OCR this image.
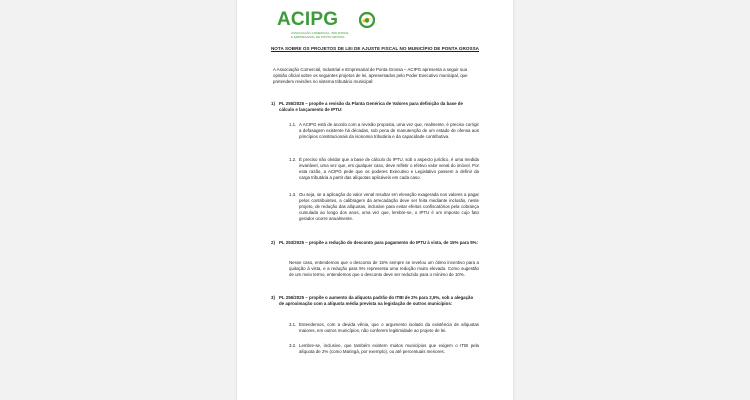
ACIPG
ASSOCIAÇÃO COMERCIAL, INDUSTRIAL
E EMPRESARIAL DE PONTA GROSSA
NOTA SOBRE OS PROJETOS DE LEI DE AJUSTE FISCAL NO MUNICÍPIO DE PONTA GROSSA
A Associação Comercial, Industrial e Empresarial de Ponta Grossa – ACIPG apresenta a seguir sua opinião oficial sobre os seguintes projetos de lei, apresentados pelo Poder Executivo municipal, que pretendem revisões no sistema tributário municipal:
1) PL 255/2025 – propõe a revisão da Planta Genérica de Valores para definição da base de cálculo e lançamento de IPTU:
1.1. A ACIPG está de acordo com a revisão proposta, uma vez que, realmente, é preciso corrigir a defasagem existente há décadas, sob pena de manutenção de um estado de ofensa aos princípios constitucionais da isonomia tributária e da capacidade contributiva.
1.2. É preciso não olvidar que a base de cálculo do IPTU, sob o aspecto jurídico, é uma medida invariável, uma vez que, em qualquer caso, deve refletir o efetivo valor venal do imóvel. Por esta razão, a ACIPG pede que os poderes Executivo e Legislativo passem a definir da carga tributária a partir das alíquotas aplicáveis em cada caso.
1.3. Ou seja, se a aplicação do valor venal resultar em elevação exagerada nos valores a pagar pelos contribuintes, a calibragem da arrecadação deve ser feita mediante inclusão, neste projeto, de redução das alíquotas, inclusive para evitar efeitos confiscatórios pela cobrança cumulada ao longo dos anos, uma vez que, lembre-se, o IPTU é um imposto cujo fato gerador ocorre anualmente.
2) PL 253/2025 – propõe a redução do desconto para pagamento do IPTU à vista, de 15% para 5%:
Nesse caso, entendemos que o desconto de 15% sempre se revelou um ótimo incentivo para a quitação à vista, e a redução para 5% representa uma redução muito elevada. Como sugestão de um meio termo, entendemos que o desconto deve ser reduzido para o mínimo de 10%.
3) PL 256/2025 – propõe o aumento da alíquota padrão do ITBI de 2% para 2,5%, sob a alegação de aproximação com a alíquota média prevista na legislação de outros municípios:
3.1. Entendemos, com a devida vênia, que o argumento isolado da existência de alíquotas maiores, em outros municípios, não conferem legitimidade ao projeto de lei.
3.2. Lembre-se, inclusive, que também existem muitos municípios que exigem o ITBI pela alíquota de 2% (como Maringá, por exemplo), ou até percentuais menores.
